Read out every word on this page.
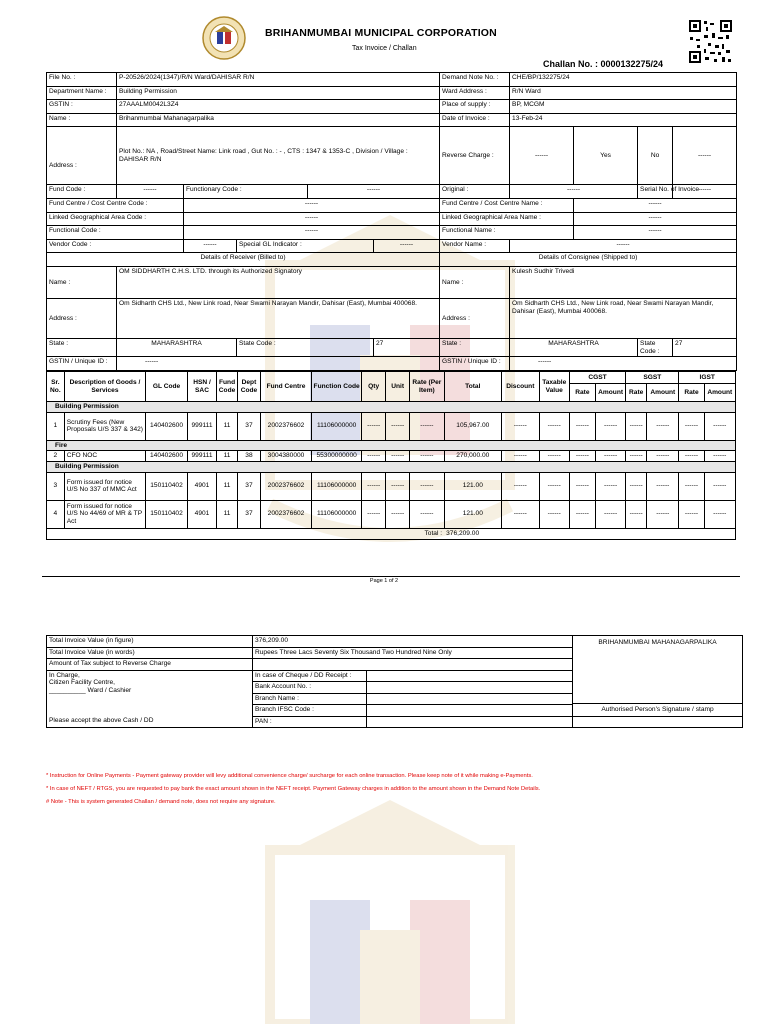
BRIHANMUMBAI MUNICIPAL CORPORATION
Tax Invoice / Challan
Challan No. : 0000132275/24
File No. :	P-20526/2024(1347)/R/N Ward/DAHISAR R/N					Demand Note No. :	CHE/BP/132275/24			
Department Name :	Building Permission					Ward Address :	R/N Ward			
GSTIN :	27AAALM0042L3Z4					Place of supply :	BP, MCGM			
Name :	Brihanmumbai Mahanagarpalika					Date of Invoice :	13-Feb-24			
Address :	Plot No.: NA , Road/Street Name: Link road , Gut No. : - , CTS : 1347 & 1353-C , Division / Village : DAHISAR R/N					Reverse Charge :	------	Yes	No	------
Fund Code :	------	Functionary Code :		------		Original :	------		Serial No. of Invoice	------
Fund Centre / Cost Centre Code :		------				Fund Centre / Cost Centre Name :		------		
Linked Geographical Area Code :		------				Linked Geographical Area Name :		------		
Functional Code :		------				Functional Name :		------		
Vendor Code :		------	Special GL Indicator :		------	Vendor Name :	------			
Details of Receiver (Billed to)						Details of Consignee (Shipped to)				
Name :	OM SIDDHARTH C.H.S. LTD. through its Authorized Signatory					Name :	Kulesh Sudhir Trivedi			
Address :	Om Sidharth CHS Ltd., New Link road, Near Swami Narayan Mandir, Dahisar (East), Mumbai 400068.					Address :	Om Sidharth CHS Ltd., New Link road, Near Swami Narayan Mandir, Dahisar (East), Mumbai 400068.			
State :	MAHARASHTRA		State Code :		27	State :	MAHARASHTRA		State Code :	27
GSTIN / Unique ID :	------					GSTIN / Unique ID :	------			
Sr. No.	Description of Goods / Services	GL Code	HSN / SAC	Fund Code	Dept Code	Fund Centre	Function Code	Qty	Unit	Rate (Per Item)	Total	Discount	Taxable Value	CGST		SGST		IGST	
														Rate	Amount	Rate	Amount	Rate	Amount
Building Permission																			
1	Scrutiny Fees (New Proposals U/S 337 & 342)	140402600	999111	11	37	2002376602	11106000000	------	------	------	105,967.00	------	------	------	------	------	------	------	------
Fire																			
2	CFO NOC	140402600	999111	11	38	3004380000	55300000000	------	------	------	270,000.00	------	------	------	------	------	------	------	------
Building Permission																			
3	Form issued for notice U/S No 337 of MMC Act	150110402	4901	11	37	2002376602	11106000000	------	------	------	121.00	------	------	------	------	------	------	------	------
4	Form issued for notice U/S No 44/69 of MR & TP Act	150110402	4901	11	37	2002376602	11106000000	------	------	------	121.00	------	------	------	------	------	------	------	------
Total :											376,209.00								
Page 1 of 2
Total Invoice Value (in figure)	376,209.00		BRIHANMUMBAI MAHANAGARPALIKA
Authorised Person's Signature / stamp

Total Invoice Value (in words)	Rupees Three Lacs Seventy Six Thousand Two Hundred Nine Only		
Amount of Tax subject to Reverse Charge			

In Charge,
Citizen Facility Centre,
__________ Ward / Cashier	In case of Cheque / DD Receipt :		
	Bank Account No. :		
	Branch Name :		
	Branch IFSC Code :		
Please accept the above Cash / DD	PAN :		
* Instruction for Online Payments - Payment gateway provider will levy additional convenience charge/ surcharge for each online transaction. Please keep note of it while making e-Payments.
* In case of NEFT / RTGS, you are requested to pay bank the exact amount shown in the NEFT receipt. Payment Gateway charges in addition to the amount shown in the Demand Note Details.
# Note - This is system generated Challan / demand note, does not require any signature.
